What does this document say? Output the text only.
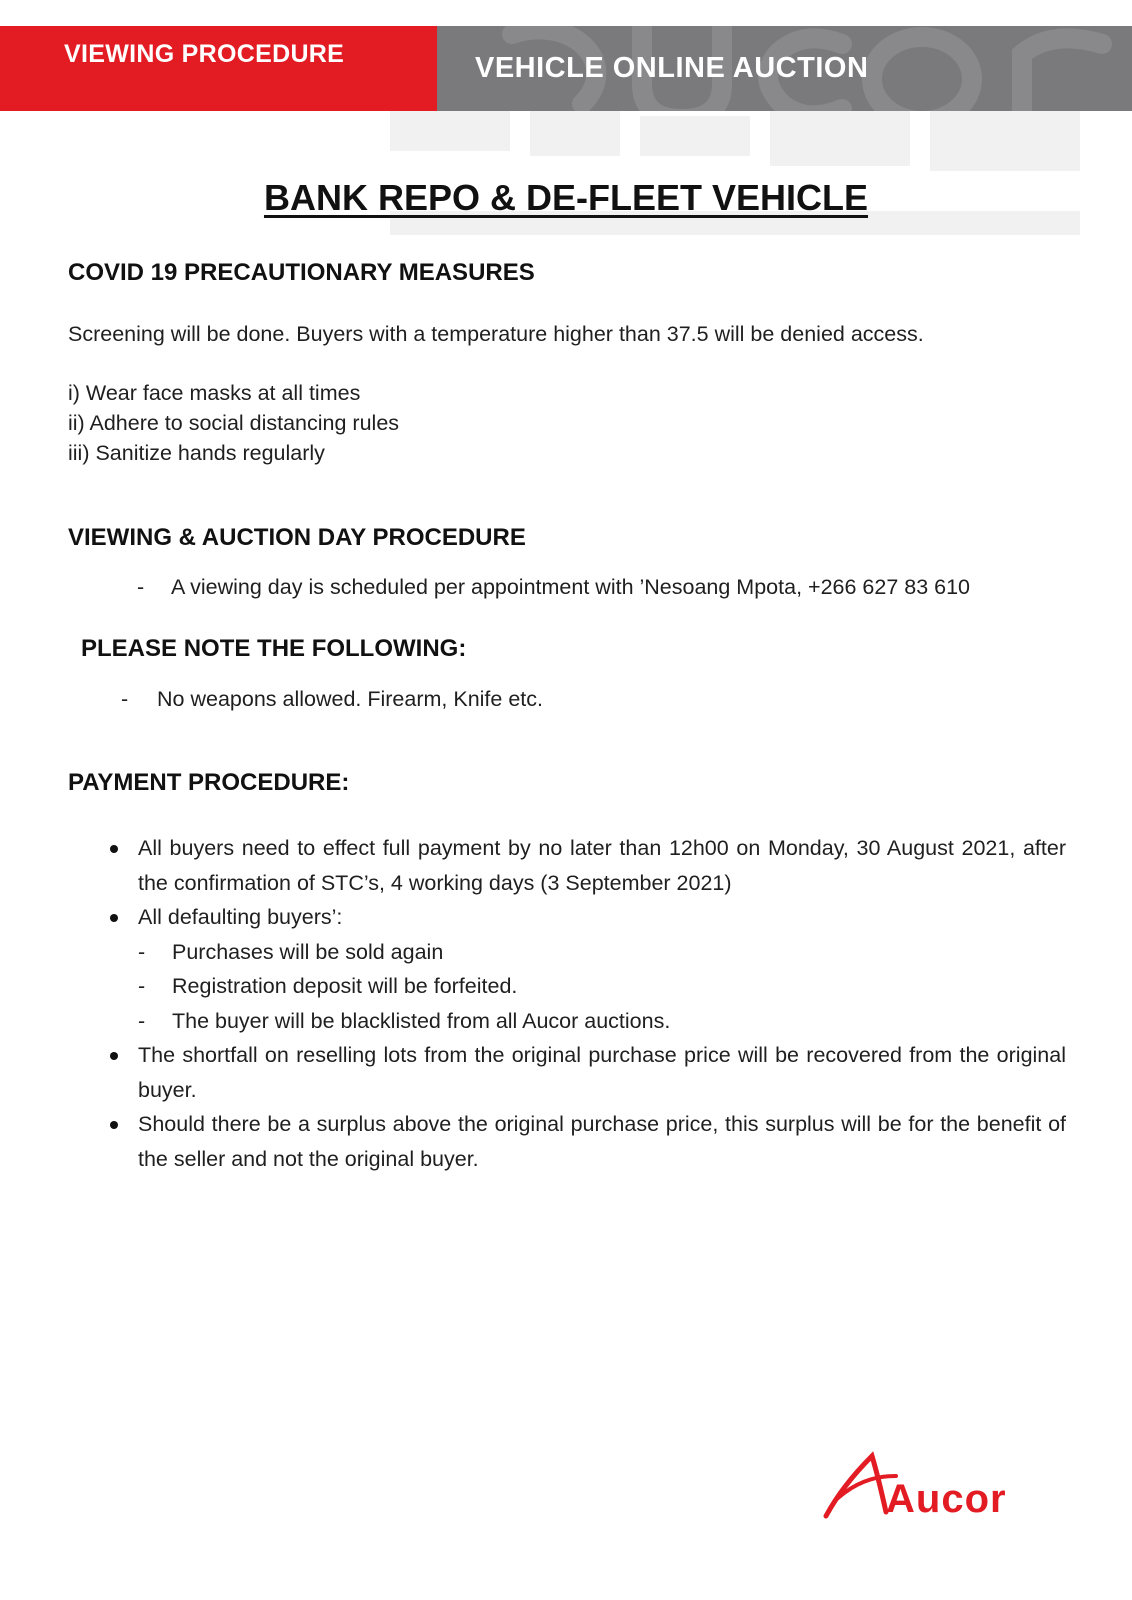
VIEWING PROCEDURE	VEHICLE ONLINE AUCTION
BANK REPO & DE-FLEET VEHICLE
COVID 19 PRECAUTIONARY MEASURES

Screening will be done. Buyers with a temperature higher than 37.5 will be denied access.

i) Wear face masks at all times

ii) Adhere to social distancing rules

iii) Sanitize hands regularly

VIEWING & AUCTION DAY PROCEDURE
- A viewing day is scheduled per appointment with ’Nesoang Mpota, +266 627 83 610
PLEASE NOTE THE FOLLOWING:
- No weapons allowed. Firearm, Knife etc.
PAYMENT PROCEDURE:
All buyers need to effect full payment by no later than 12h00 on Monday, 30 August 2021, after the confirmation of STC’s, 4 working days (3 September 2021)
All defaulting buyers’:
- Purchases will be sold again
- Registration deposit will be forfeited.
- The buyer will be blacklisted from all Aucor auctions.
The shortfall on reselling lots from the original purchase price will be recovered from the original buyer.
Should there be a surplus above the original purchase price, this surplus will be for the benefit of the seller and not the original buyer.
Aucor
